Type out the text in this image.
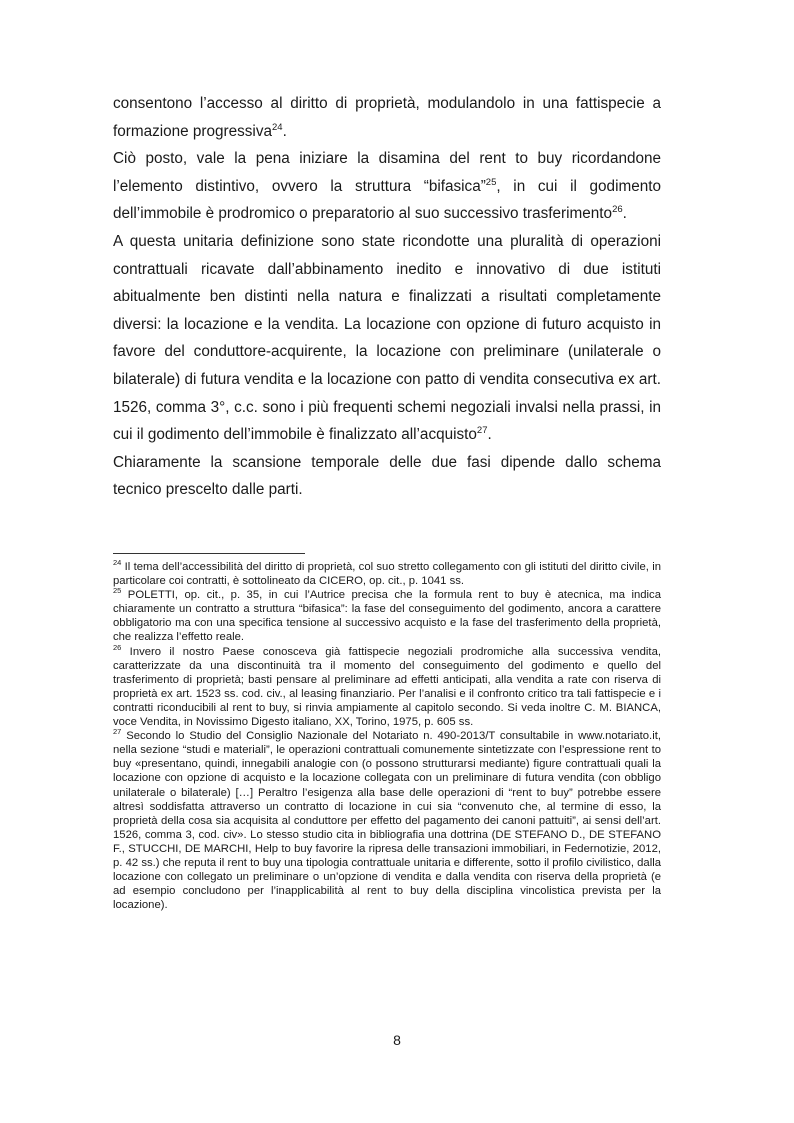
consentono l’accesso al diritto di proprietà, modulandolo in una fattispecie a formazione progressiva$^{24}$.

Ciò posto, vale la pena iniziare la disamina del rent to buy ricordandone l’elemento distintivo, ovvero la struttura “bifasica”$^{25}$, in cui il godimento dell’immobile è prodromico o preparatorio al suo successivo trasferimento$^{26}$.

A questa unitaria definizione sono state ricondotte una pluralità di operazioni contrattuali ricavate dall’abbinamento inedito e innovativo di due istituti abitualmente ben distinti nella natura e finalizzati a risultati completamente diversi: la locazione e la vendita. La locazione con opzione di futuro acquisto in favore del conduttore-acquirente, la locazione con preliminare (unilaterale o bilaterale) di futura vendita e la locazione con patto di vendita consecutiva ex art. 1526, comma 3°, c.c. sono i più frequenti schemi negoziali invalsi nella prassi, in cui il godimento dell’immobile è finalizzato all’acquisto$^{27}$.

Chiaramente la scansione temporale delle due fasi dipende dallo schema tecnico prescelto dalle parti.

$^{24}$ Il tema dell’accessibilità del diritto di proprietà, col suo stretto collegamento con gli istituti del diritto civile, in particolare coi contratti, è sottolineato da CICERO, op. cit., p. 1041 ss.

$^{25}$ POLETTI, op. cit., p. 35, in cui l’Autrice precisa che la formula rent to buy è atecnica, ma indica chiaramente un contratto a struttura “bifasica”: la fase del conseguimento del godimento, ancora a carattere obbligatorio ma con una specifica tensione al successivo acquisto e la fase del trasferimento della proprietà, che realizza l’effetto reale.

$^{26}$ Invero il nostro Paese conosceva già fattispecie negoziali prodromiche alla successiva vendita, caratterizzate da una discontinuità tra il momento del conseguimento del godimento e quello del trasferimento di proprietà; basti pensare al preliminare ad effetti anticipati, alla vendita a rate con riserva di proprietà ex art. 1523 ss. cod. civ., al leasing finanziario. Per l’analisi e il confronto critico tra tali fattispecie e i contratti riconducibili al rent to buy, si rinvia ampiamente al capitolo secondo. Si veda inoltre C. M. BIANCA, voce Vendita, in Novissimo Digesto italiano, XX, Torino, 1975, p. 605 ss.

$^{27}$ Secondo lo Studio del Consiglio Nazionale del Notariato n. 490-2013/T consultabile in www.notariato.it, nella sezione “studi e materiali”, le operazioni contrattuali comunemente sintetizzate con l’espressione rent to buy «presentano, quindi, innegabili analogie con (o possono strutturarsi mediante) figure contrattuali quali la locazione con opzione di acquisto e la locazione collegata con un preliminare di futura vendita (con obbligo unilaterale o bilaterale) […] Peraltro l’esigenza alla base delle operazioni di “rent to buy” potrebbe essere altresì soddisfatta attraverso un contratto di locazione in cui sia “convenuto che, al termine di esso, la proprietà della cosa sia acquisita al conduttore per effetto del pagamento dei canoni pattuiti”, ai sensi dell’art. 1526, comma 3, cod. civ». Lo stesso studio cita in bibliografia una dottrina (DE STEFANO D., DE STEFANO F., STUCCHI, DE MARCHI, Help to buy favorire la ripresa delle transazioni immobiliari, in Federnotizie, 2012, p. 42 ss.) che reputa il rent to buy una tipologia contrattuale unitaria e differente, sotto il profilo civilistico, dalla locazione con collegato un preliminare o un’opzione di vendita e dalla vendita con riserva della proprietà (e ad esempio concludono per l’inapplicabilità al rent to buy della disciplina vincolistica prevista per la locazione).

8
